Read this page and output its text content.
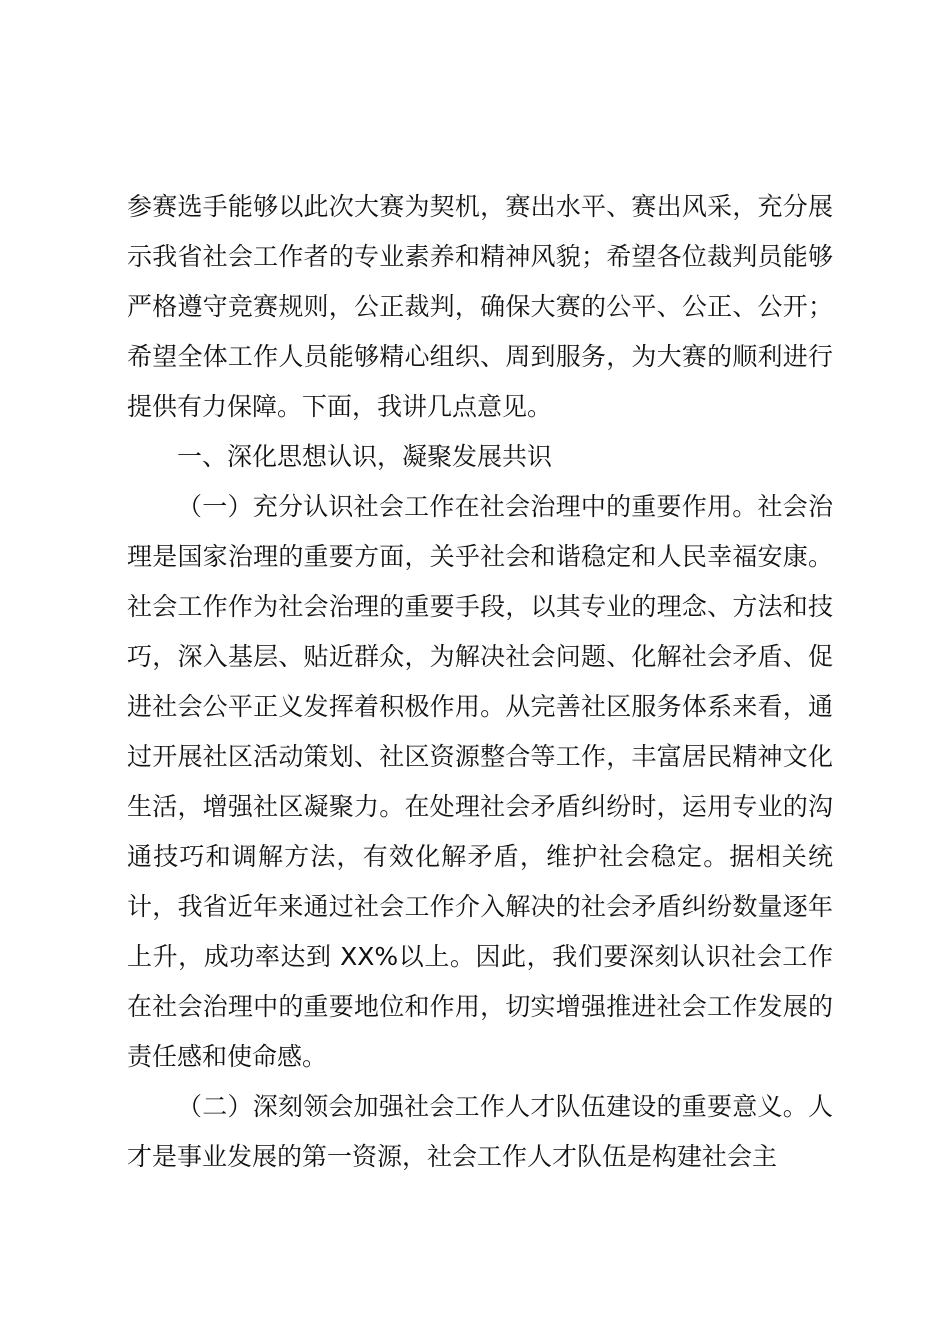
参赛选手能够以此次大赛为契机，赛出水平、赛出风采，充分展示我省社会工作者的专业素养和精神风貌；希望各位裁判员能够严格遵守竞赛规则，公正裁判，确保大赛的公平、公正、公开；希望全体工作人员能够精心组织、周到服务，为大赛的顺利进行提供有力保障。下面，我讲几点意见。

一、深化思想认识，凝聚发展共识

（一）充分认识社会工作在社会治理中的重要作用。社会治理是国家治理的重要方面，关乎社会和谐稳定和人民幸福安康。社会工作作为社会治理的重要手段，以其专业的理念、方法和技巧，深入基层、贴近群众，为解决社会问题、化解社会矛盾、促进社会公平正义发挥着积极作用。从完善社区服务体系来看，通过开展社区活动策划、社区资源整合等工作，丰富居民精神文化生活，增强社区凝聚力。在处理社会矛盾纠纷时，运用专业的沟通技巧和调解方法，有效化解矛盾，维护社会稳定。据相关统计，我省近年来通过社会工作介入解决的社会矛盾纠纷数量逐年上升，成功率达到 XX%以上。因此，我们要深刻认识社会工作在社会治理中的重要地位和作用，切实增强推进社会工作发展的责任感和使命感。

（二）深刻领会加强社会工作人才队伍建设的重要意义。人才是事业发展的第一资源，社会工作人才队伍是构建社会主
